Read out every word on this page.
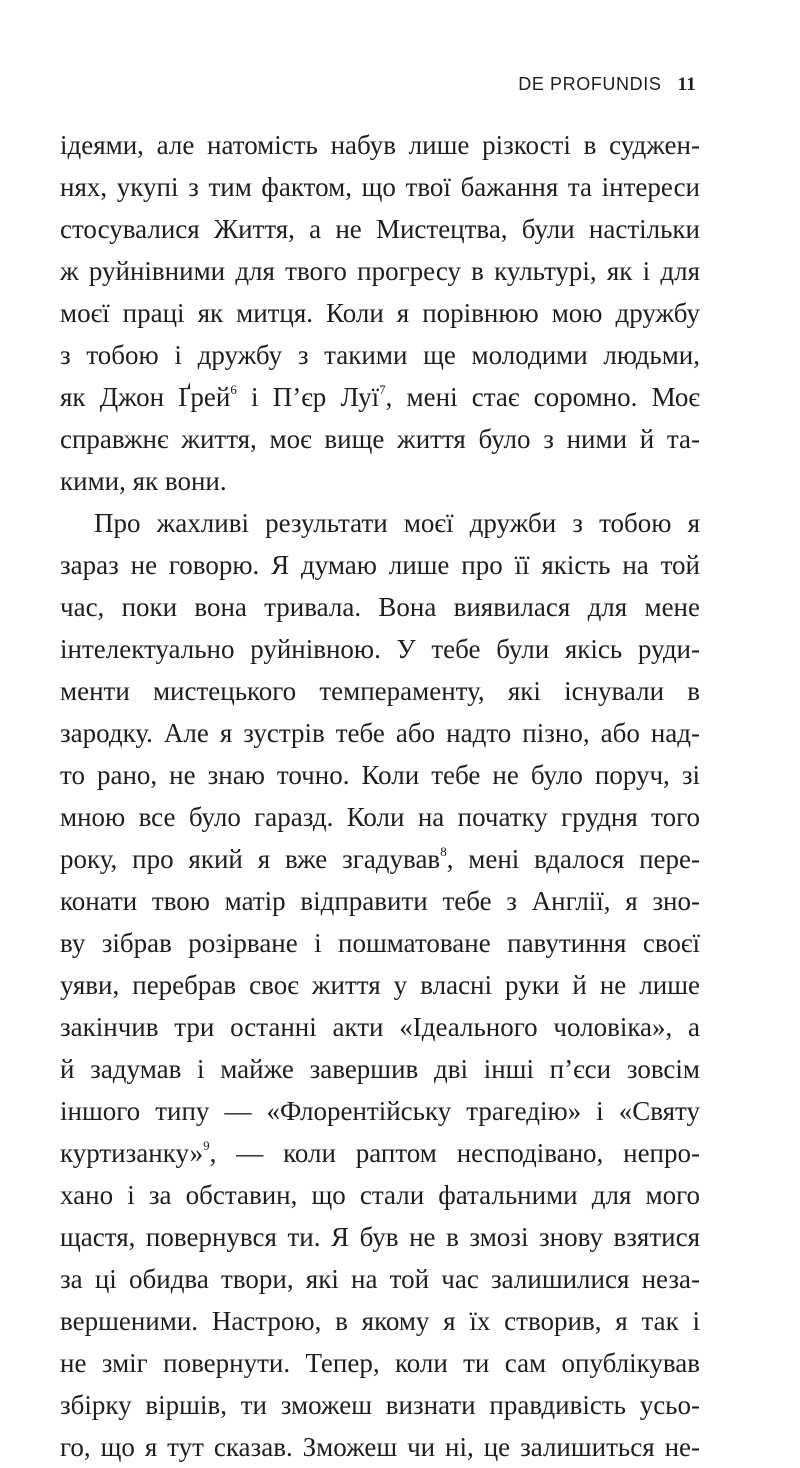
DE PROFUNDIS 11
ідеями, але натомість набув лише різкості в суджен-
нях, укупі з тим фактом, що твої бажання та інтереси
стосувалися Життя, а не Мистецтва, були настільки
ж руйнівними для твого прогресу в культурі, як і для
моєї праці як митця. Коли я порівнюю мою дружбу
з тобою і дружбу з такими ще молодими людьми,
як Джон Ґрей$^6$ і П’єр Луї$^7$, мені стає соромно. Моє
справжнє життя, моє вище життя було з ними й та-
кими, як вони.
Про жахливі результати моєї дружби з тобою я
зараз не говорю. Я думаю лише про її якість на той
час, поки вона тривала. Вона виявилася для мене
інтелектуально руйнівною. У тебе були якісь руди-
менти мистецького темпераменту, які існували в
зародку. Але я зустрів тебе або надто пізно, або над-
то рано, не знаю точно. Коли тебе не було поруч, зі
мною все було гаразд. Коли на початку грудня того
року, про який я вже згадував$^8$, мені вдалося пере-
конати твою матір відправити тебе з Англії, я зно-
ву зібрав розірване і пошматоване павутиння своєї
уяви, перебрав своє життя у власні руки й не лише
закінчив три останні акти «Ідеального чоловіка», а
й задумав і майже завершив дві інші п’єси зовсім
іншого типу — «Флорентійську трагедію» і «Святу
куртизанку»$^9$, — коли раптом несподівано, непро-
хано і за обставин, що стали фатальними для мого
щастя, повернувся ти. Я був не в змозі знову взятися
за ці обидва твори, які на той час залишилися неза-
вершеними. Настрою, в якому я їх створив, я так і
не зміг повернути. Тепер, коли ти сам опублікував
збірку віршів, ти зможеш визнати правдивість усьо-
го, що я тут сказав. Зможеш чи ні, це залишиться не-
